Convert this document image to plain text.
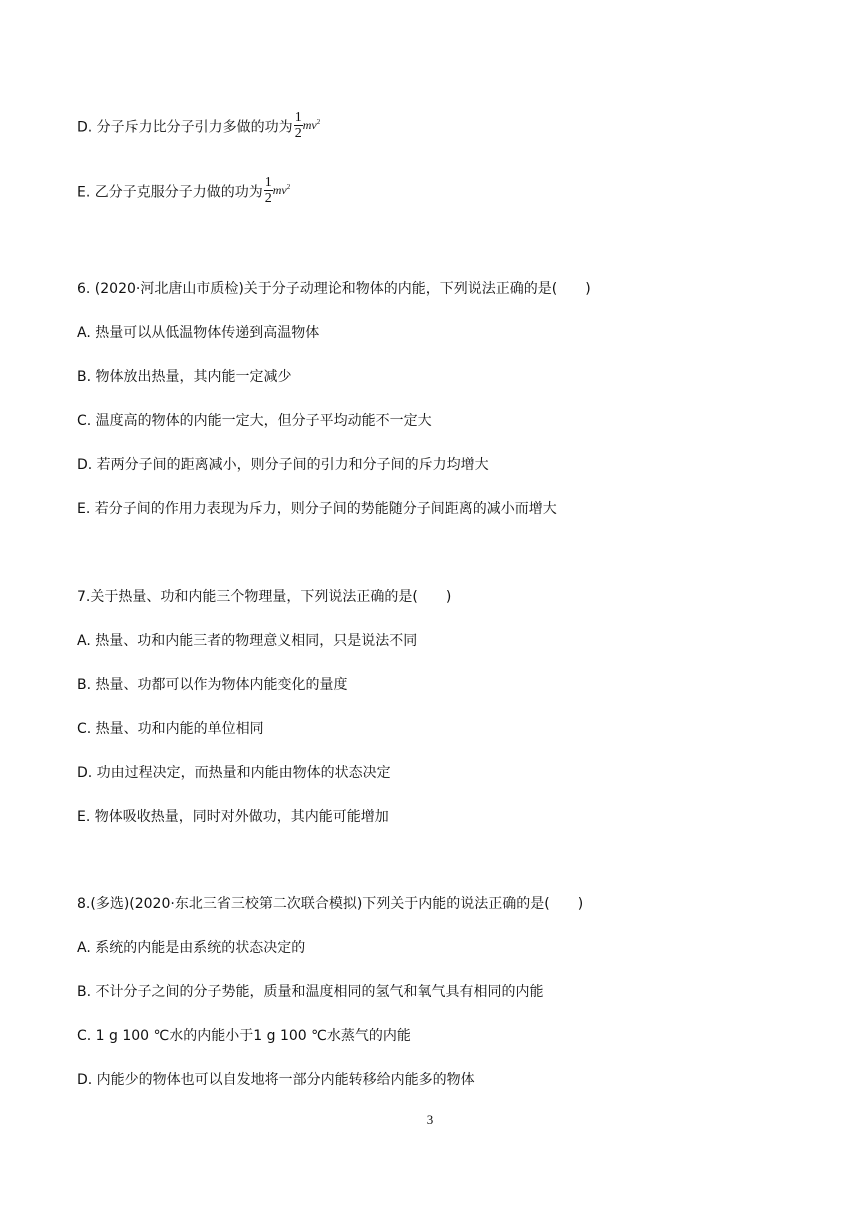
D. 分子斥力比分子引力多做的功为 $\frac{1}{2} mv^2$
E. 乙分子克服分子力做的功为 $\frac{1}{2} mv^2$
6. (2020·河北唐山市质检)关于分子动理论和物体的内能，下列说法正确的是(　　)
A. 热量可以从低温物体传递到高温物体
B. 物体放出热量，其内能一定减少
C. 温度高的物体的内能一定大，但分子平均动能不一定大
D. 若两分子间的距离减小，则分子间的引力和分子间的斥力均增大
E. 若分子间的作用力表现为斥力，则分子间的势能随分子间距离的减小而增大
7.关于热量、功和内能三个物理量，下列说法正确的是(　　)
A. 热量、功和内能三者的物理意义相同，只是说法不同
B. 热量、功都可以作为物体内能变化的量度
C. 热量、功和内能的单位相同
D. 功由过程决定，而热量和内能由物体的状态决定
E. 物体吸收热量，同时对外做功，其内能可能增加
8.(多选)(2020·东北三省三校第二次联合模拟)下列关于内能的说法正确的是(　　)
A. 系统的内能是由系统的状态决定的
B. 不计分子之间的分子势能，质量和温度相同的氢气和氧气具有相同的内能
C. 1 g 100 ℃水的内能小于1 g 100 ℃水蒸气的内能
D. 内能少的物体也可以自发地将一部分内能转移给内能多的物体
3
